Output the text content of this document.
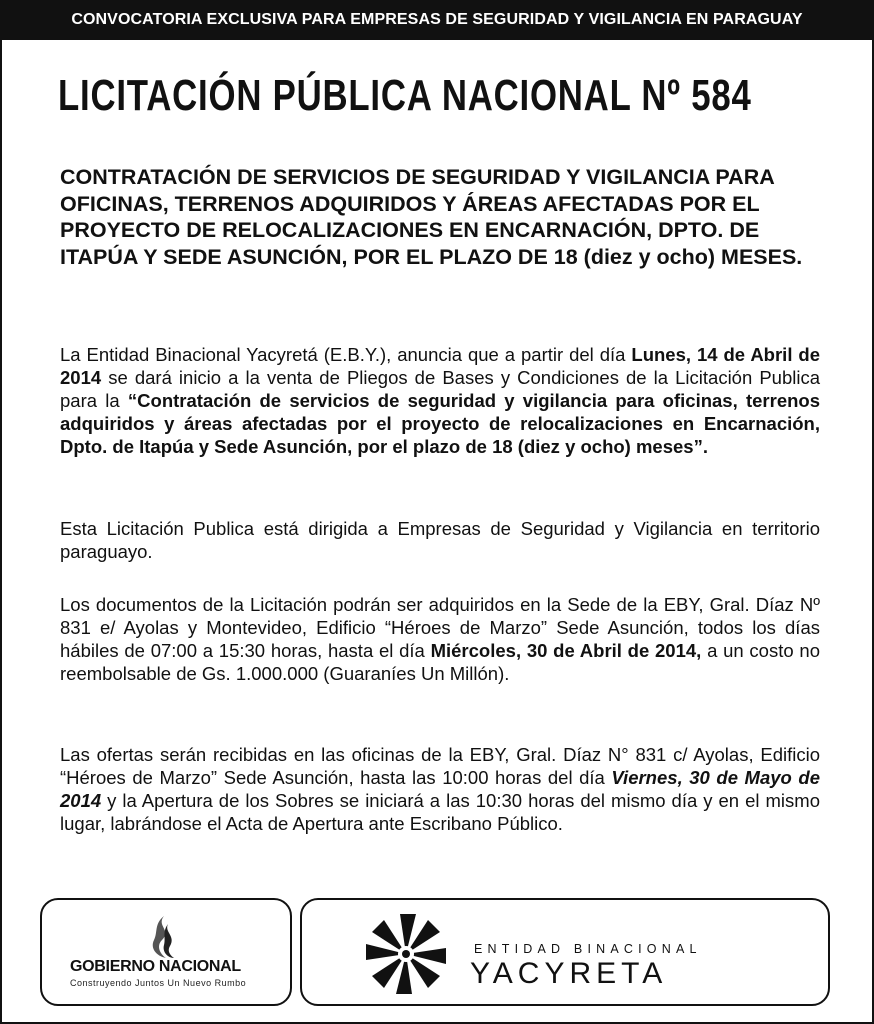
CONVOCATORIA EXCLUSIVA PARA EMPRESAS DE SEGURIDAD Y VIGILANCIA EN PARAGUAY
LICITACIÓN PÚBLICA NACIONAL Nº 584
CONTRATACIÓN DE SERVICIOS DE SEGURIDAD Y VIGILANCIA PARA OFICINAS, TERRENOS ADQUIRIDOS Y ÁREAS AFECTADAS POR EL PROYECTO DE RELOCALIZACIONES EN ENCARNACIÓN, DPTO. DE ITAPÚA Y SEDE ASUNCIÓN, POR EL PLAZO DE 18 (diez y ocho) MESES.
La Entidad Binacional Yacyretá (E.B.Y.), anuncia que a partir del día Lunes, 14 de Abril de 2014 se dará inicio a la venta de Pliegos de Bases y Condiciones de la Licitación Publica para la “Contratación de servicios de seguridad y vigilancia para oficinas, terrenos adquiridos y áreas afectadas por el proyecto de relocalizaciones en Encarnación, Dpto. de Itapúa y Sede Asunción, por el plazo de 18 (diez y ocho) meses”.
Esta Licitación Publica está dirigida a Empresas de Seguridad y Vigilancia en territorio paraguayo.
Los documentos de la Licitación podrán ser adquiridos en la Sede de la EBY, Gral. Díaz Nº 831 e/ Ayolas y Montevideo, Edificio “Héroes de Marzo” Sede Asunción, todos los días hábiles de 07:00 a 15:30 horas, hasta el día Miércoles, 30 de Abril de 2014, a un costo no reembolsable de Gs. 1.000.000 (Guaraníes Un Millón).
Las ofertas serán recibidas en las oficinas de la EBY, Gral. Díaz N° 831 c/ Ayolas, Edificio “Héroes de Marzo” Sede Asunción, hasta las 10:00 horas del día Viernes, 30 de Mayo de 2014 y la Apertura de los Sobres se iniciará a las 10:30 horas del mismo día y en el mismo lugar, labrándose el Acta de Apertura ante Escribano Público.
GOBIERNO NACIONAL
Construyendo Juntos Un Nuevo Rumbo
ENTIDAD BINACIONAL
YACYRETA
